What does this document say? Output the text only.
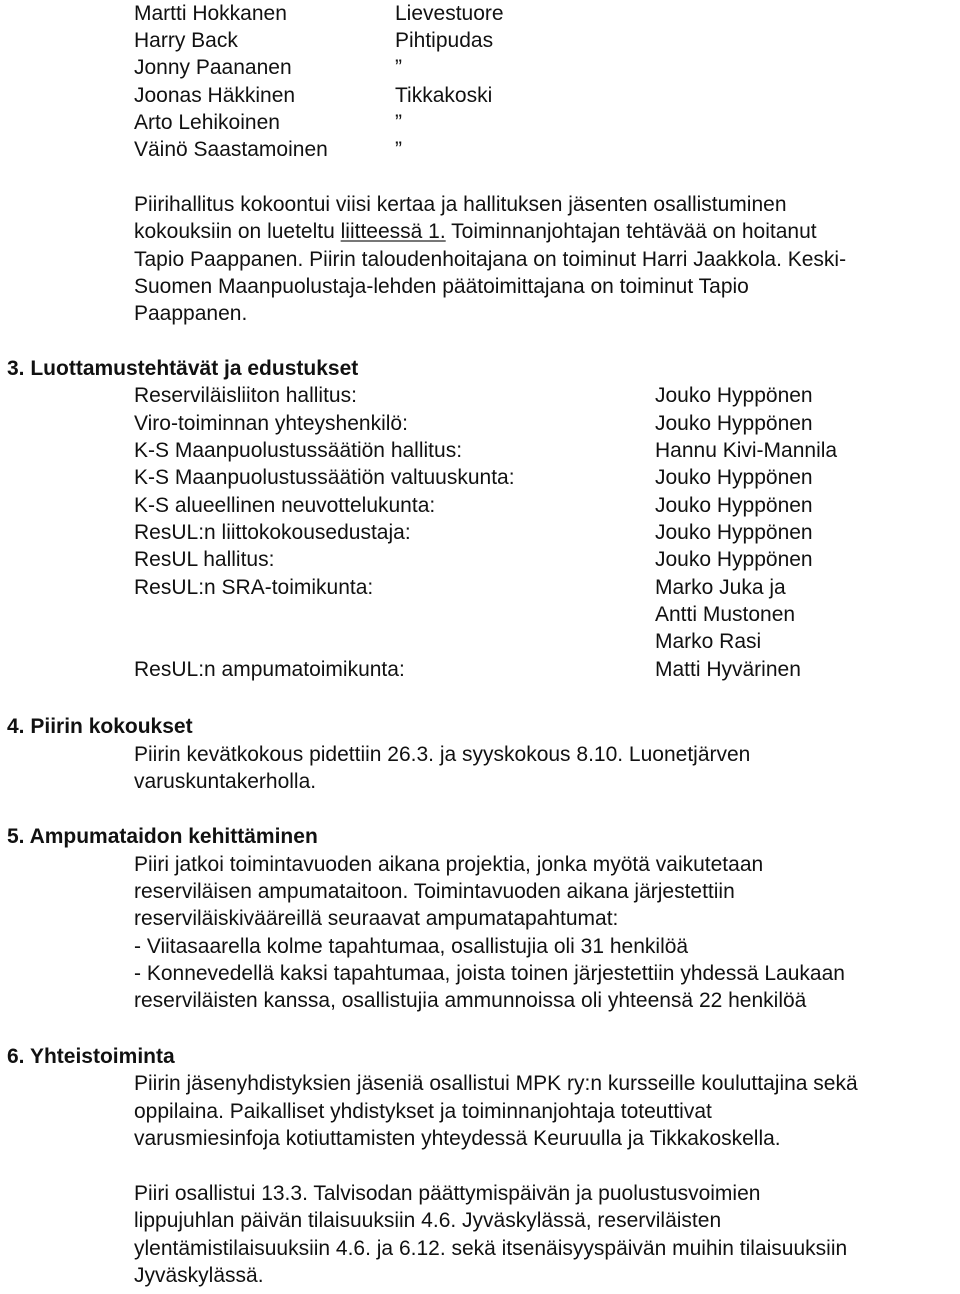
Martti Hokkanen	Lievestuore
Harry Back	Pihtipudas
Jonny Paananen	”
Joonas Häkkinen	Tikkakoski
Arto Lehikoinen	”
Väinö Saastamoinen	”
Piirihallitus kokoontui viisi kertaa ja hallituksen jäsenten osallistuminen
kokouksiin on lueteltu liitteessä 1. Toiminnanjohtajan tehtävää on hoitanut
Tapio Paappanen. Piirin taloudenhoitajana on toiminut Harri Jaakkola. Keski-
Suomen Maanpuolustaja-lehden päätoimittajana on toiminut Tapio
Paappanen.
3. Luottamustehtävät ja edustukset
Reserviläisliiton hallitus:	Jouko Hyppönen
Viro-toiminnan yhteyshenkilö:	Jouko Hyppönen
K-S Maanpuolustussäätiön hallitus:	Hannu Kivi-Mannila
K-S Maanpuolustussäätiön valtuuskunta:	Jouko Hyppönen
K-S alueellinen neuvottelukunta:	Jouko Hyppönen
ResUL:n liittokokousedustaja:	Jouko Hyppönen
ResUL hallitus:	Jouko Hyppönen
ResUL:n SRA-toimikunta:	Marko Juka ja
Antti Mustonen
Marko Rasi
ResUL:n ampumatoimikunta:	Matti Hyvärinen
4. Piirin kokoukset
Piirin kevätkokous pidettiin 26.3. ja syyskokous 8.10. Luonetjärven
varuskuntakerholla.
5. Ampumataidon kehittäminen
Piiri jatkoi toimintavuoden aikana projektia, jonka myötä vaikutetaan
reserviläisen ampumataitoon. Toimintavuoden aikana järjestettiin
reserviläiskivääreillä seuraavat ampumatapahtumat:
- Viitasaarella kolme tapahtumaa, osallistujia oli 31 henkilöä
- Konnevedellä kaksi tapahtumaa, joista toinen järjestettiin yhdessä Laukaan
reserviläisten kanssa, osallistujia ammunnoissa oli yhteensä 22 henkilöä
6. Yhteistoiminta
Piirin jäsenyhdistyksien jäseniä osallistui MPK ry:n kursseille kouluttajina sekä
oppilaina. Paikalliset yhdistykset ja toiminnanjohtaja toteuttivat
varusmiesinfoja kotiuttamisten yhteydessä Keuruulla ja Tikkakoskella.
Piiri osallistui 13.3. Talvisodan päättymispäivän ja puolustusvoimien
lippujuhlan päivän tilaisuuksiin 4.6. Jyväskylässä, reserviläisten
ylentämistilaisuuksiin 4.6. ja 6.12. sekä itsenäisyyspäivän muihin tilaisuuksiin
Jyväskylässä.
